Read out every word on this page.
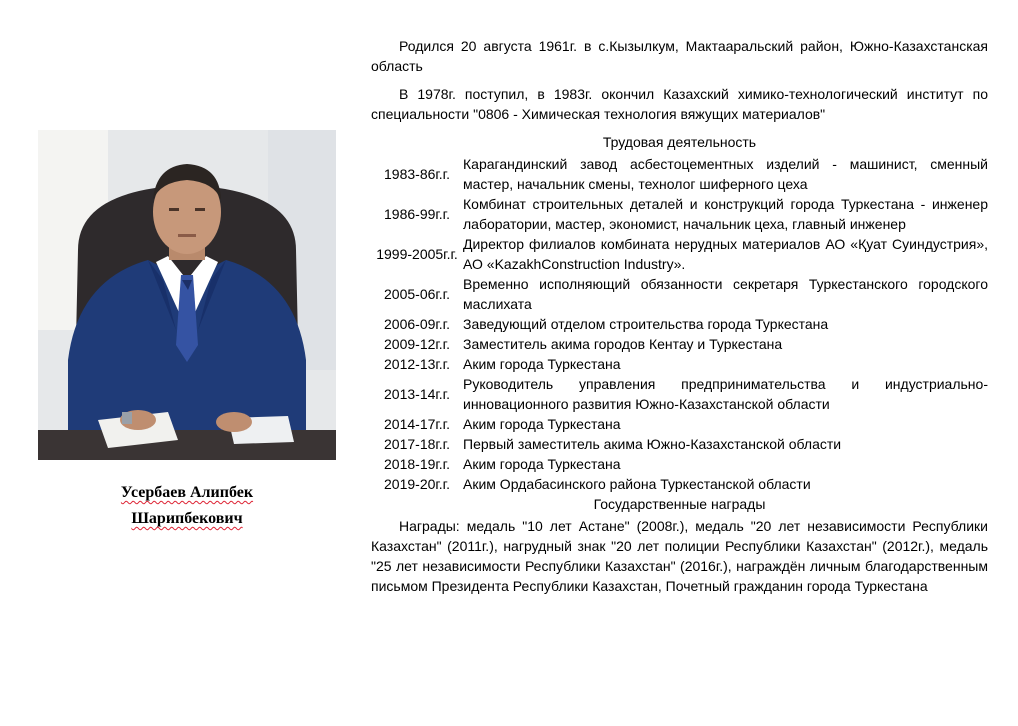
Усербаев Алипбек
Шарипбекович

Родился 20 августа 1961г. в с.Кызылкум, Мактааральский район, Южно-Казахстанская область

В 1978г. поступил, в 1983г. окончил Казахский химико-технологический институт по специальности "0806 - Химическая технология вяжущих материалов"

Трудовая деятельность
1983-86г.г.	Карагандинский завод асбестоцементных изделий - машинист, сменный мастер, начальник смены, технолог шиферного цеха
1986-99г.г.	Комбинат строительных деталей и конструкций города Туркестана - инженер лаборатории, мастер, экономист, начальник цеха, главный инженер
1999-2005г.г.	Директор филиалов комбината нерудных материалов АО «Қуат Суиндустрия», АО «KazakhConstruction Industry».
2005-06г.г.	Временно исполняющий обязанности секретаря Туркестанского городского маслихата
2006-09г.г.	Заведующий отделом строительства города Туркестана
2009-12г.г.	Заместитель акима городов Кентау и Туркестана
2012-13г.г.	Аким города Туркестана
2013-14г.г.	Руководитель управления предпринимательства и индустриально-инновационного развития Южно-Казахстанской области
2014-17г.г.	Аким города Туркестана
2017-18г.г.	Первый заместитель акима Южно-Казахстанской области
2018-19г.г.	Аким города Туркестана
2019-20г.г.	Аким Ордабасинского района Туркестанской области
Государственные награды

Награды: медаль "10 лет Астане" (2008г.), медаль "20 лет независимости Республики Казахстан" (2011г.), нагрудный знак "20 лет полиции Республики Казахстан" (2012г.), медаль "25 лет независимости Республики Казахстан" (2016г.), награждён личным благодарственным письмом Президента Республики Казахстан, Почетный гражданин города Туркестана
